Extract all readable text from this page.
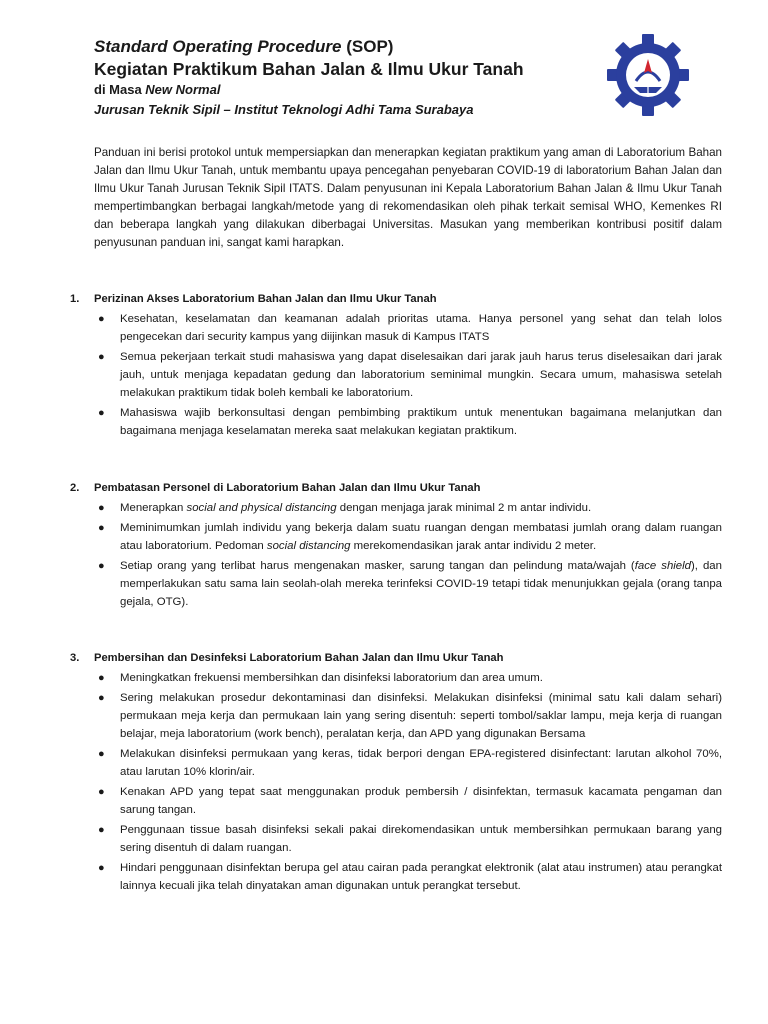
Standard Operating Procedure (SOP)
Kegiatan Praktikum Bahan Jalan & Ilmu Ukur Tanah
di Masa New Normal
Jurusan Teknik Sipil – Institut Teknologi Adhi Tama Surabaya

Panduan ini berisi protokol untuk mempersiapkan dan menerapkan kegiatan praktikum yang aman di Laboratorium Bahan Jalan dan Ilmu Ukur Tanah, untuk membantu upaya pencegahan penyebaran COVID-19 di laboratorium Bahan Jalan dan Ilmu Ukur Tanah Jurusan Teknik Sipil ITATS. Dalam penyusunan ini Kepala Laboratorium Bahan Jalan & Ilmu Ukur Tanah mempertimbangkan berbagai langkah/metode yang di rekomendasikan oleh pihak terkait semisal WHO, Kemenkes RI dan beberapa langkah yang dilakukan diberbagai Universitas. Masukan yang memberikan kontribusi positif dalam penyusunan panduan ini, sangat kami harapkan.

1. Perizinan Akses Laboratorium Bahan Jalan dan Ilmu Ukur Tanah
● Kesehatan, keselamatan dan keamanan adalah prioritas utama. Hanya personel yang sehat dan telah lolos pengecekan dari security kampus yang diijinkan masuk di Kampus ITATS
● Semua pekerjaan terkait studi mahasiswa yang dapat diselesaikan dari jarak jauh harus terus diselesaikan dari jarak jauh, untuk menjaga kepadatan gedung dan laboratorium seminimal mungkin. Secara umum, mahasiswa setelah melakukan praktikum tidak boleh kembali ke laboratorium.
● Mahasiswa wajib berkonsultasi dengan pembimbing praktikum untuk menentukan bagaimana melanjutkan dan bagaimana menjaga keselamatan mereka saat melakukan kegiatan praktikum.
2. Pembatasan Personel di Laboratorium Bahan Jalan dan Ilmu Ukur Tanah
● Menerapkan social and physical distancing dengan menjaga jarak minimal 2 m antar individu.
● Meminimumkan jumlah individu yang bekerja dalam suatu ruangan dengan membatasi jumlah orang dalam ruangan atau laboratorium. Pedoman social distancing merekomendasikan jarak antar individu 2 meter.
● Setiap orang yang terlibat harus mengenakan masker, sarung tangan dan pelindung mata/wajah (face shield), dan memperlakukan satu sama lain seolah-olah mereka terinfeksi COVID-19 tetapi tidak menunjukkan gejala (orang tanpa gejala, OTG).
3. Pembersihan dan Desinfeksi Laboratorium Bahan Jalan dan Ilmu Ukur Tanah
● Meningkatkan frekuensi membersihkan dan disinfeksi laboratorium dan area umum.
● Sering melakukan prosedur dekontaminasi dan disinfeksi. Melakukan disinfeksi (minimal satu kali dalam sehari) permukaan meja kerja dan permukaan lain yang sering disentuh: seperti tombol/saklar lampu, meja kerja di ruangan belajar, meja laboratorium (work bench), peralatan kerja, dan APD yang digunakan Bersama
● Melakukan disinfeksi permukaan yang keras, tidak berpori dengan EPA-registered disinfectant: larutan alkohol 70%, atau larutan 10% klorin/air.
● Kenakan APD yang tepat saat menggunakan produk pembersih / disinfektan, termasuk kacamata pengaman dan sarung tangan.
● Penggunaan tissue basah disinfeksi sekali pakai direkomendasikan untuk membersihkan permukaan barang yang sering disentuh di dalam ruangan.
● Hindari penggunaan disinfektan berupa gel atau cairan pada perangkat elektronik (alat atau instrumen) atau perangkat lainnya kecuali jika telah dinyatakan aman digunakan untuk perangkat tersebut.
